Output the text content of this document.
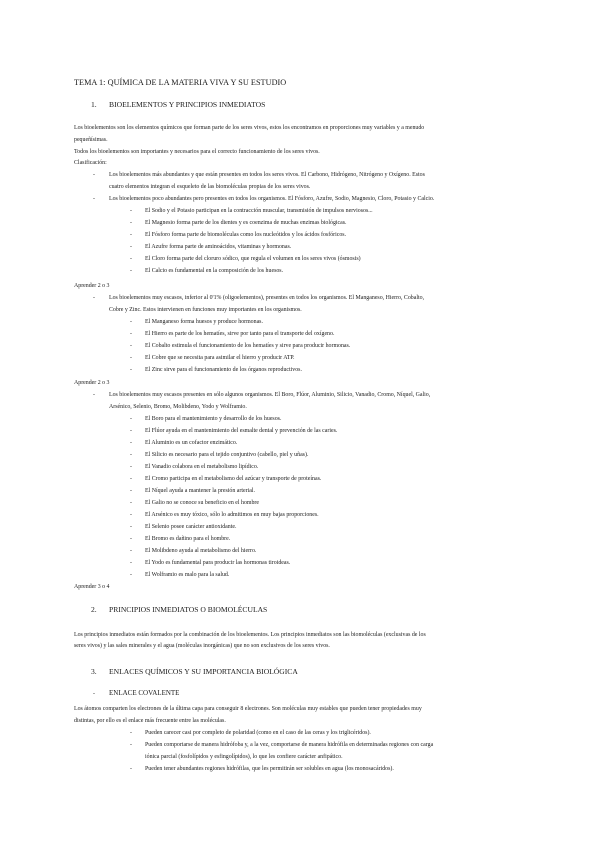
TEMA 1: QUÍMICA DE LA MATERIA VIVA Y SU ESTUDIO
1. BIOELEMENTOS Y PRINCIPIOS INMEDIATOS
Los bioelementos son los elementos químicos que forman parte de los seres vivos, estos los encontramos en proporciones muy variables y a menudo
pequeñísimas.
Todos los bioelementos son importantes y necesarios para el correcto funcionamiento de los seres vivos.
Clasificación:
- Los bioelementos más abundantes y que están presentes en todos los seres vivos. El Carbono, Hidrógeno, Nitrógeno y Oxígeno. Estos
cuatro elementos integran el esqueleto de las biomoléculas propias de los seres vivos.
- Los bioelementos poco abundantes pero presentes en todos los organismos. El Fósforo, Azufre, Sodio, Magnesio, Cloro, Potasio y Calcio.
- El Sodio y el Potasio participan en la contracción muscular, transmisión de impulsos nerviosos...
- El Magnesio forma parte de los dientes y es coenzima de muchas enzimas biológicas.
- El Fósforo forma parte de biomoléculas como los nucleótidos y los ácidos fosfóricos.
- El Azufre forma parte de aminoácidos, vitaminas y hormonas.
- El Cloro forma parte del cloruro sódico, que regula el volumen en los seres vivos (ósmosis)
- El Calcio es fundamental en la composición de los huesos.
Aprender 2 o 3
- Los bioelementos muy escasos, inferior al 0'1% (oligoelementos), presentes en todos los organismos. El Manganeso, Hierro, Cobalto,
Cobre y Zinc. Estos intervienen en funciones muy importantes en los organismos.
- El Manganeso forma huesos y produce hormonas.
- El Hierro es parte de los hematíes, sirve por tanto para el transporte del oxígeno.
- El Cobalto estimula el funcionamiento de los hematíes y sirve para producir hormonas.
- El Cobre que se necesita para asimilar el hierro y producir ATP.
- El Zinc sirve para el funcionamiento de los órganos reproductivos.
Aprender 2 o 3
- Los bioelementos muy escasos presentes en sólo algunos organismos. El Boro, Flúor, Aluminio, Silicio, Vanadio, Cromo, Níquel, Galio,
Arsénico, Selenio, Bromo, Molibdeno, Yodo y Wolframio.
- El Boro para el mantenimiento y desarrollo de los huesos.
- El Flúor ayuda en el mantenimiento del esmalte dental y prevención de las caries.
- El Aluminio es un cofactor enzimático.
- El Silicio es necesario para el tejido conjuntivo (cabello, piel y uñas).
- El Vanadio colabora en el metabolismo lipídico.
- El Cromo participa en el metabolismo del azúcar y transporte de proteínas.
- El Níquel ayuda a mantener la presión arterial.
- El Galio no se conoce su beneficio en el hombre
- El Arsénico es muy tóxico, sólo lo admitimos en muy bajas proporciones.
- El Selenio posee carácter antioxidante.
- El Bromo es dañino para el hombre.
- El Molibdeno ayuda al metabolismo del hierro.
- El Yodo es fundamental para producir las hormonas tiroideas.
- El Wolframio es malo para la salud.
Aprender 3 o 4
2. PRINCIPIOS INMEDIATOS O BIOMOLÉCULAS
Los principios inmediatos están formados por la combinación de los bioelementos. Los principios inmediatos son las biomoléculas (exclusivas de los
seres vivos) y las sales minerales y el agua (moléculas inorgánicas) que no son exclusivos de los seres vivos.
3. ENLACES QUÍMICOS Y SU IMPORTANCIA BIOLÓGICA
- ENLACE COVALENTE
Los átomos comparten los electrones de la última capa para conseguir 8 electrones. Son moléculas muy estables que pueden tener propiedades muy
distintas, por ello es el enlace más frecuente entre las moléculas.
- Pueden carecer casi por completo de polaridad (como en el caso de las ceras y los triglicéridos).
- Pueden comportarse de manera hidrófoba y, a la vez, comportarse de manera hidrófila en determinadas regiones con carga
iónica parcial (fosfolípidos y esfingolípidos), lo que les confiere carácter anfipático.
- Pueden tener abundantes regiones hidrófilas, que les permitirán ser solubles en agua (los monosacáridos).
